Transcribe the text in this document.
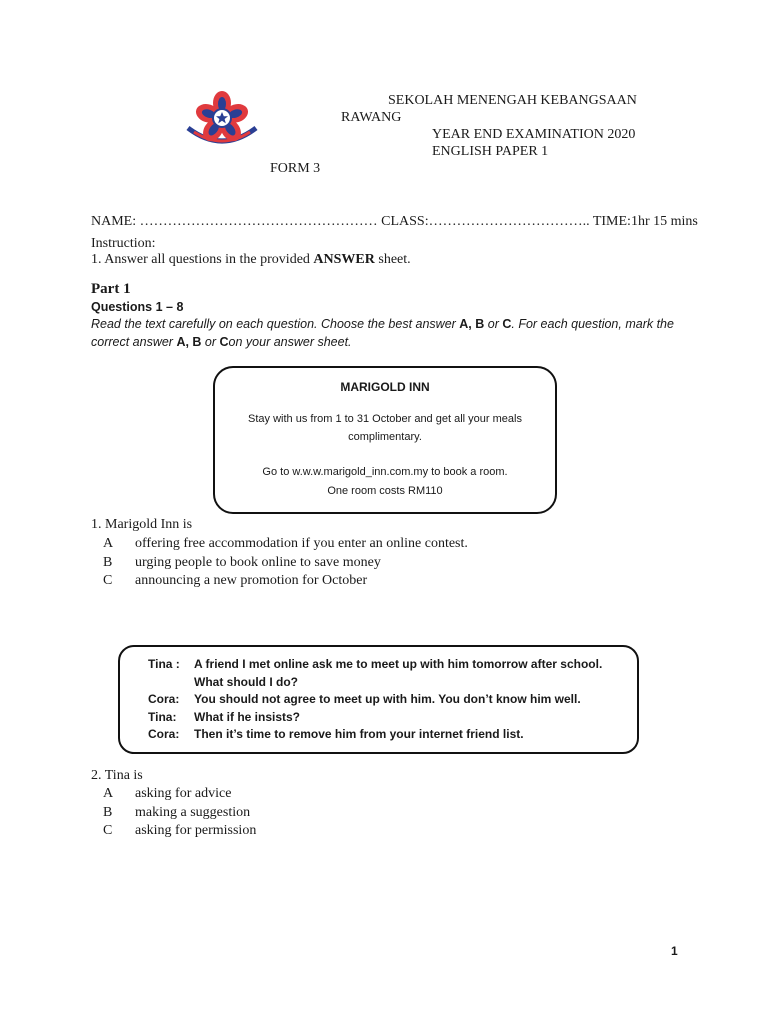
SEKOLAH MENENGAH KEBANGSAAN
RAWANG
YEAR END EXAMINATION 2020
ENGLISH PAPER 1
FORM 3
NAME: …………………………………………… CLASS:…………………………….. TIME:1hr 15 mins
Instruction:
1. Answer all questions in the provided ANSWER sheet.
Part 1
Questions 1 – 8
Read the text carefully on each question. Choose the best answer A, B or C. For each question, mark the
correct answer A, B or Con your answer sheet.
MARIGOLD INN
Stay with us from 1 to 31 October and get all your meals
complimentary.
Go to w.w.w.marigold_inn.com.my to book a room.
One room costs RM110
1. Marigold Inn is
A	offering free accommodation if you enter an online contest.
B	urging people to book online to save money
C	announcing a new promotion for October
Tina :	A friend I met online ask me to meet up with him tomorrow after school.
	What should I do?
Cora:	You should not agree to meet up with him. You don’t know him well.
Tina:	What if he insists?
Cora:	Then it’s time to remove him from your internet friend list.
2. Tina is
A	asking for advice
B	making a suggestion
C	asking for permission
1
